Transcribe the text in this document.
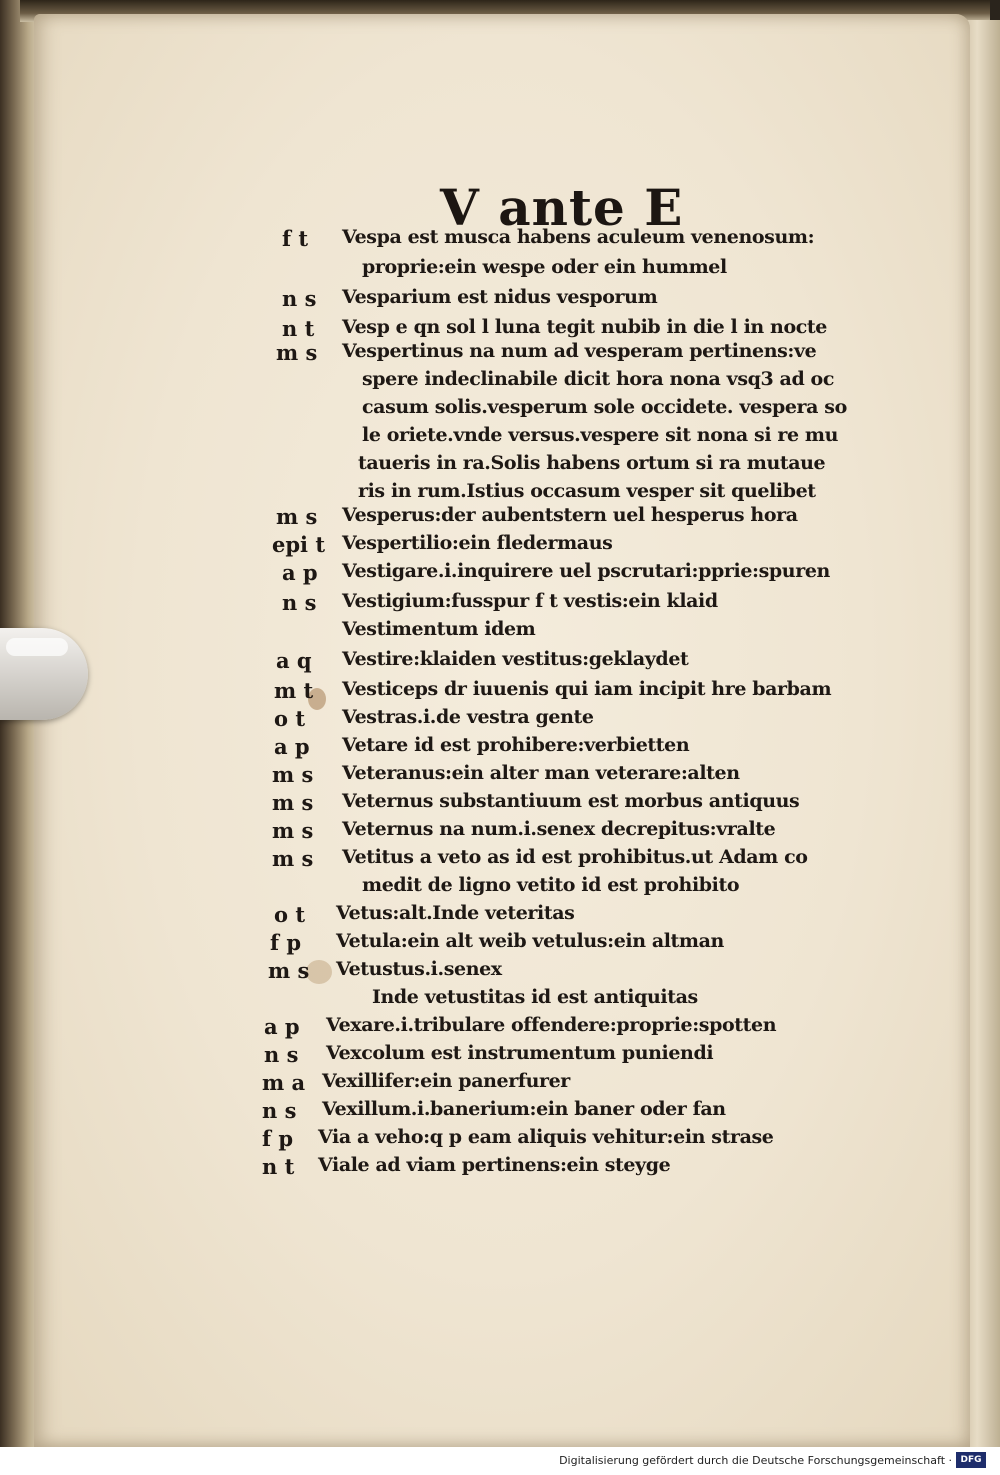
V ante E
f t Vespa est musca habens aculeum venenosum:
proprie:ein wespe oder ein hummel
n s Vesparium est nidus vesporum
n t Vesp e qn sol l luna tegit nubib in die l in nocte
m s Vespertinus na num ad vesperam pertinens:ve
spere indeclinabile dicit hora nona vsq3 ad oc
casum solis.vesperum sole occidete. vespera so
le oriete.vnde versus.vespere sit nona si re mu
taueris in ra.Solis habens ortum si ra mutaue
ris in rum.Istius occasum vesper sit quelibet
m s Vesperus:der aubentstern uel hesperus hora
epi t Vespertilio:ein fledermaus
a p Vestigare.i.inquirere uel pscrutari:pprie:spuren
n s Vestigium:fusspur f t vestis:ein klaid
Vestimentum idem
a q Vestire:klaiden vestitus:geklaydet
m t Vesticeps dr iuuenis qui iam incipit hre barbam
o t Vestras.i.de vestra gente
a p Vetare id est prohibere:verbietten
m s Veteranus:ein alter man veterare:alten
m s Veternus substantiuum est morbus antiquus
m s Veternus na num.i.senex decrepitus:vralte
m s Vetitus a veto as id est prohibitus.ut Adam co
medit de ligno vetito id est prohibito
o t Vetus:alt.Inde veteritas
f p Vetula:ein alt weib vetulus:ein altman
m s Vetustus.i.senex
Inde vetustitas id est antiquitas
a p Vexare.i.tribulare offendere:proprie:spotten
n s Vexcolum est instrumentum puniendi
m a Vexillifer:ein panerfurer
n s Vexillum.i.banerium:ein baner oder fan
f p Via a veho:q p eam aliquis vehitur:ein strase
n t Viale ad viam pertinens:ein steyge
Digitalisierung gefördert durch die Deutsche Forschungsgemeinschaft · DFG
